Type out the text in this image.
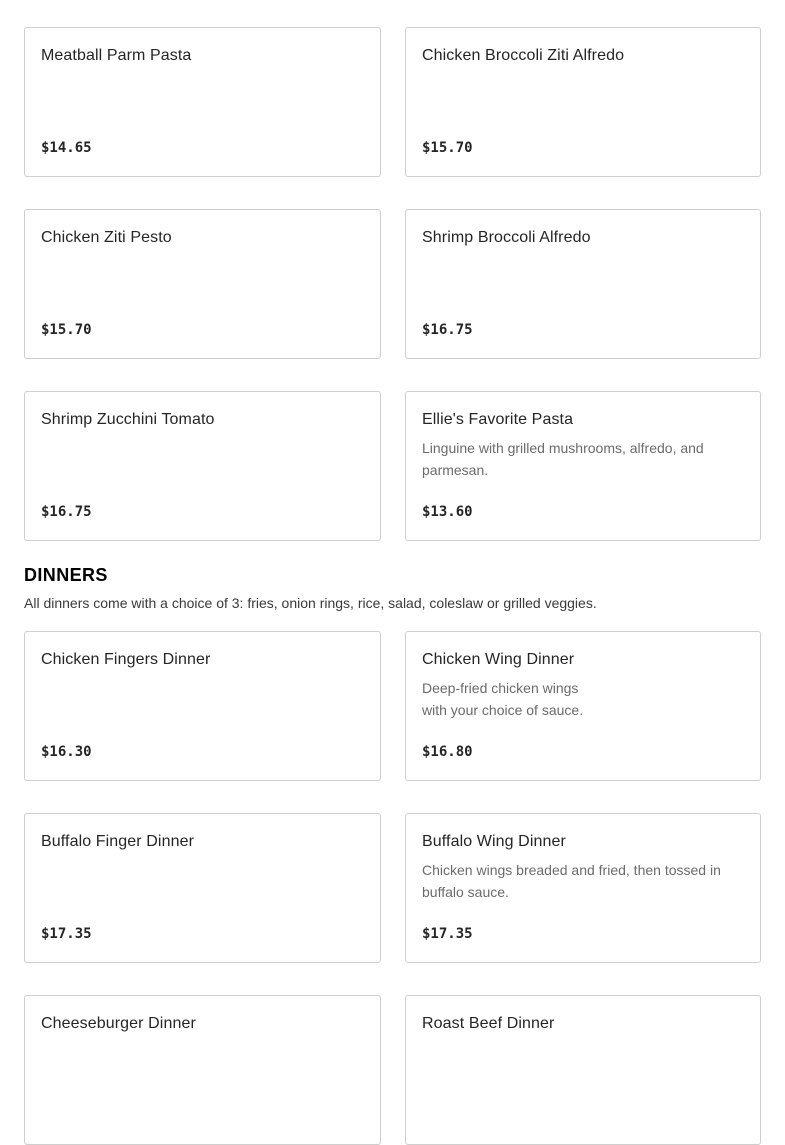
Meatball Parm Pasta
$14.65
Chicken Broccoli Ziti Alfredo
$15.70
Chicken Ziti Pesto
$15.70
Shrimp Broccoli Alfredo
$16.75
Shrimp Zucchini Tomato
$16.75
Ellie's Favorite Pasta
Linguine with grilled mushrooms, alfredo, and parmesan.
$13.60
DINNERS

All dinners come with a choice of 3: fries, onion rings, rice, salad, coleslaw or grilled veggies.

Chicken Fingers Dinner
$16.30
Chicken Wing Dinner
Deep-fried chicken wings
with your choice of sauce.
$16.80
Buffalo Finger Dinner
$17.35
Buffalo Wing Dinner
Chicken wings breaded and fried, then tossed in buffalo sauce.
$17.35
Cheeseburger Dinner	Roast Beef Dinner
